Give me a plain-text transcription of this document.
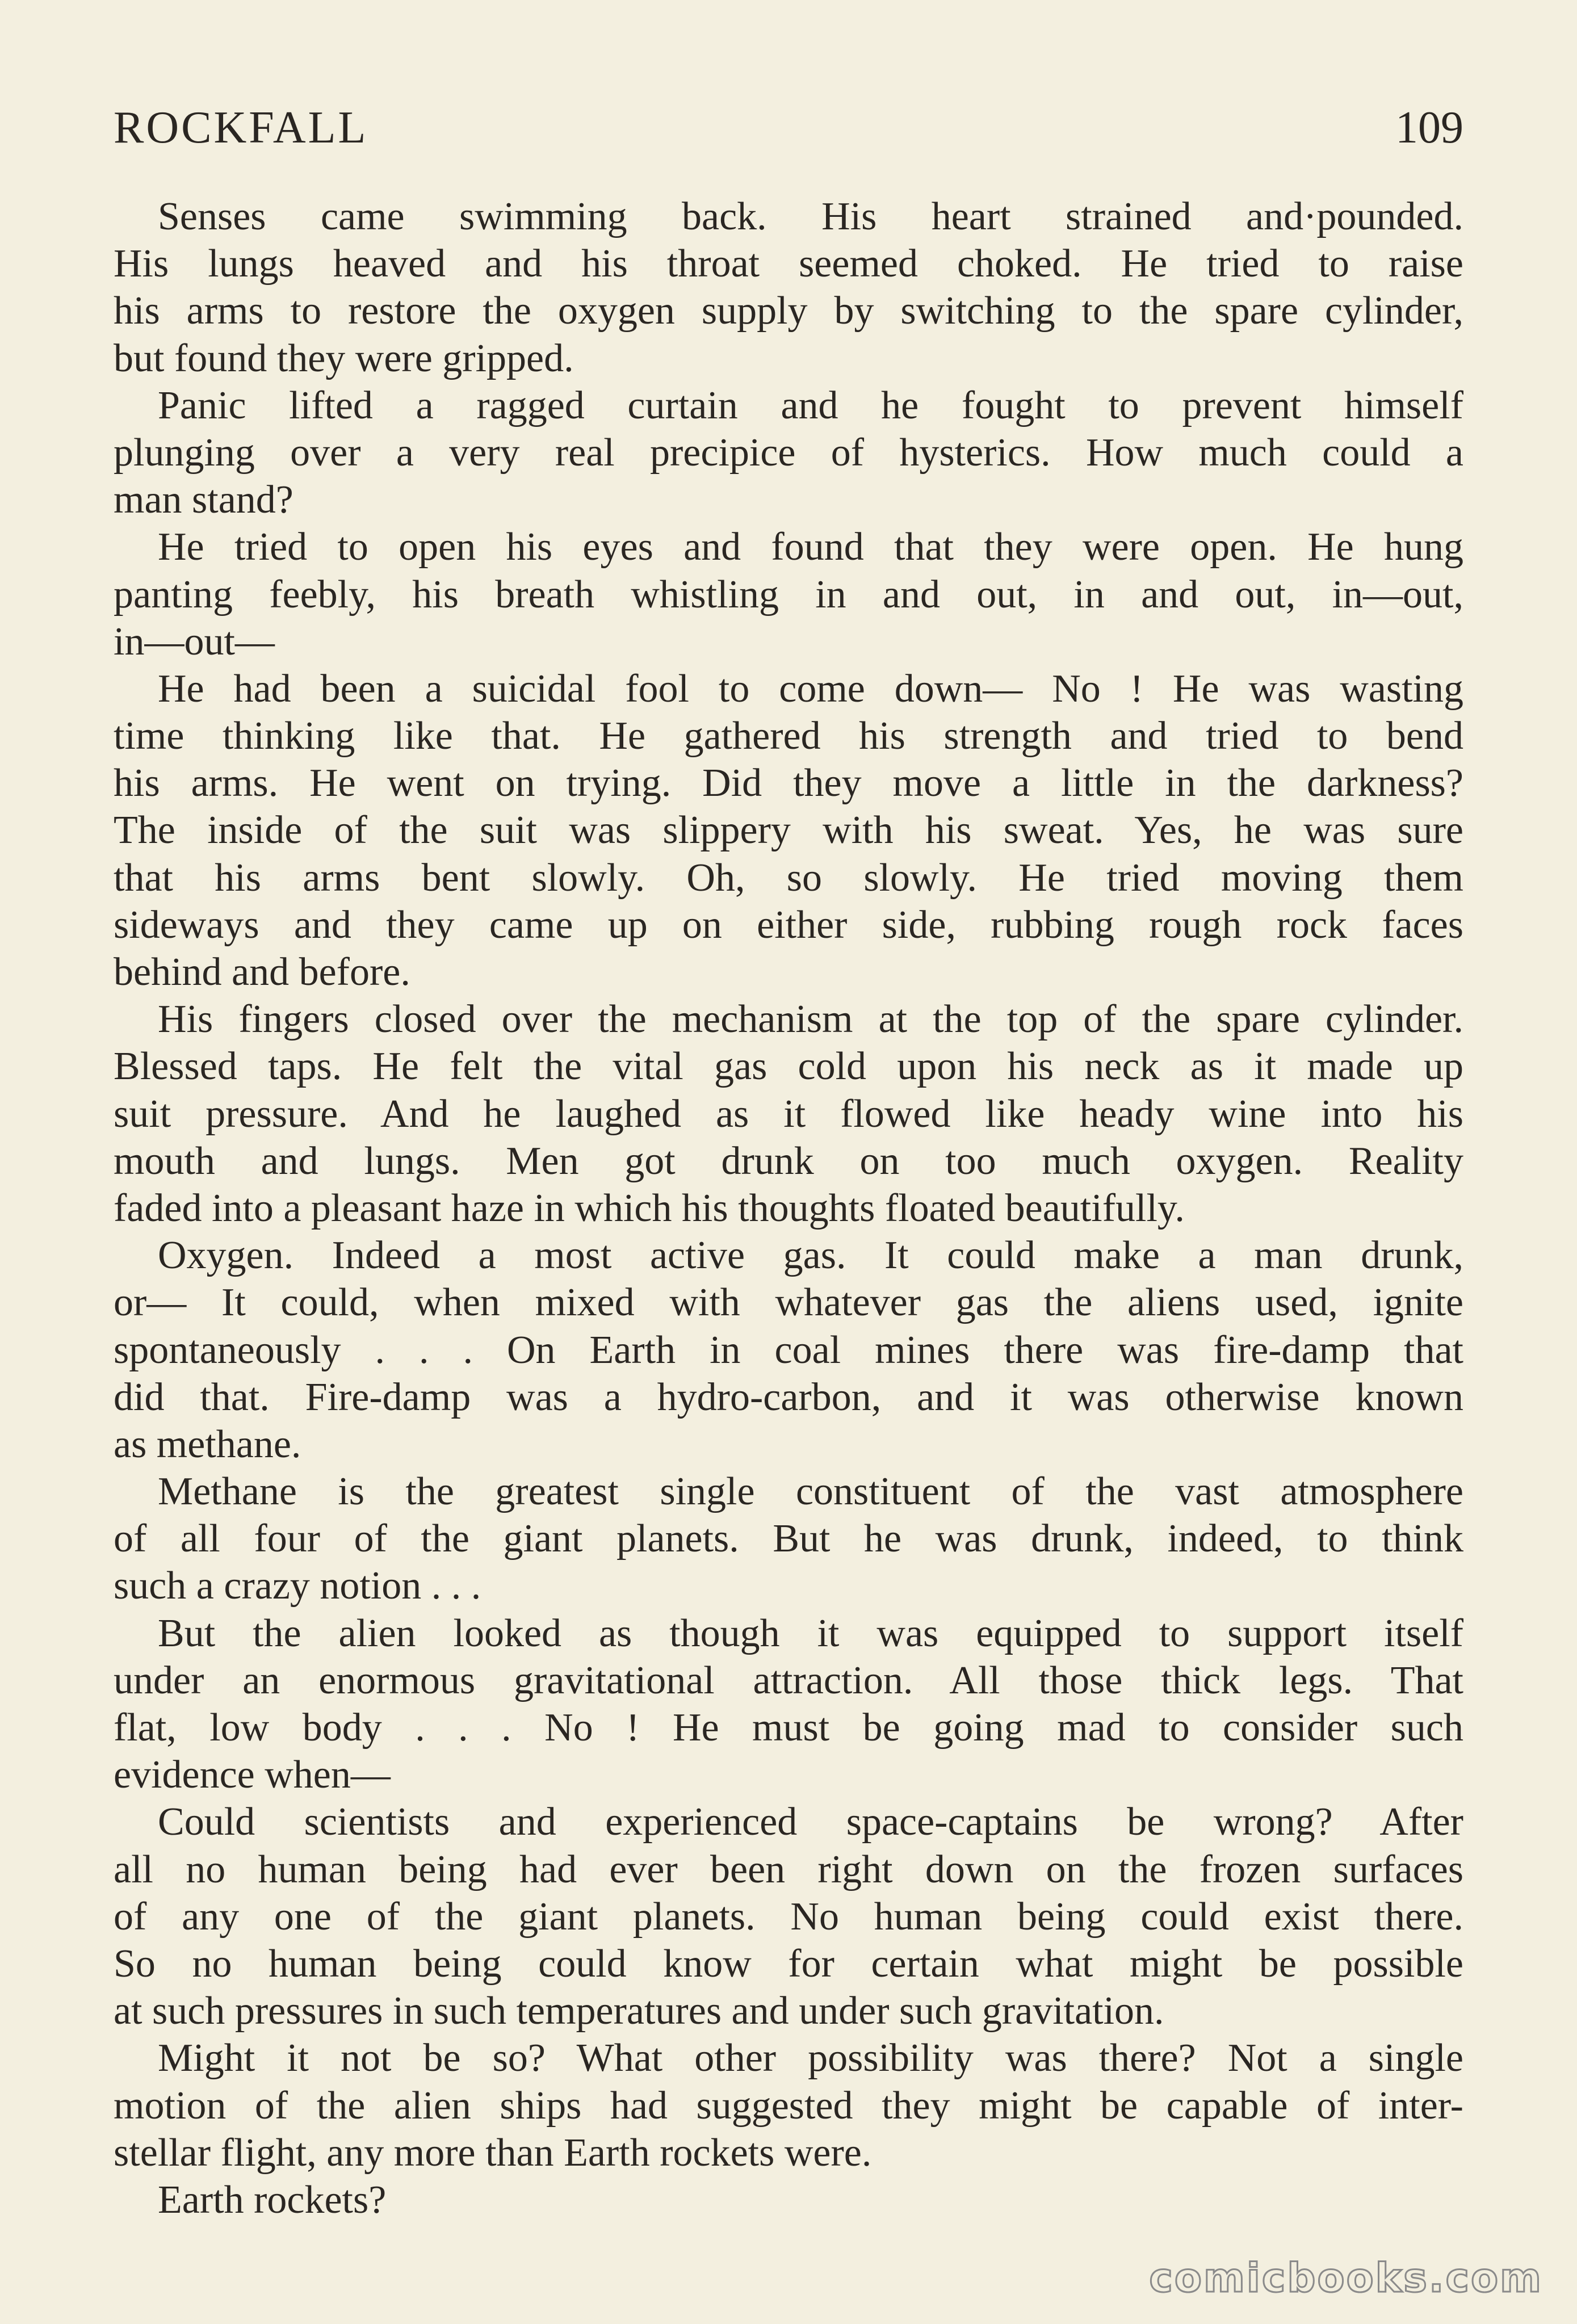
ROCKFALL	109
Senses came swimming back. His heart strained and·pounded.
His lungs heaved and his throat seemed choked. He tried to raise
his arms to restore the oxygen supply by switching to the spare cylinder,
but found they were gripped.
Panic lifted a ragged curtain and he fought to prevent himself
plunging over a very real precipice of hysterics. How much could a
man stand?
He tried to open his eyes and found that they were open. He hung
panting feebly, his breath whistling in and out, in and out, in—out,
in—out—
He had been a suicidal fool to come down— No ! He was wasting
time thinking like that. He gathered his strength and tried to bend
his arms. He went on trying. Did they move a little in the darkness?
The inside of the suit was slippery with his sweat. Yes, he was sure
that his arms bent slowly. Oh, so slowly. He tried moving them
sideways and they came up on either side, rubbing rough rock faces
behind and before.
His fingers closed over the mechanism at the top of the spare cylinder.
Blessed taps. He felt the vital gas cold upon his neck as it made up
suit pressure. And he laughed as it flowed like heady wine into his
mouth and lungs. Men got drunk on too much oxygen. Reality
faded into a pleasant haze in which his thoughts floated beautifully.
Oxygen. Indeed a most active gas. It could make a man drunk,
or— It could, when mixed with whatever gas the aliens used, ignite
spontaneously . . . On Earth in coal mines there was fire-damp that
did that. Fire-damp was a hydro-carbon, and it was otherwise known
as methane.
Methane is the greatest single constituent of the vast atmosphere
of all four of the giant planets. But he was drunk, indeed, to think
such a crazy notion . . .
But the alien looked as though it was equipped to support itself
under an enormous gravitational attraction. All those thick legs. That
flat, low body . . . No ! He must be going mad to consider such
evidence when—
Could scientists and experienced space-captains be wrong? After
all no human being had ever been right down on the frozen surfaces
of any one of the giant planets. No human being could exist there.
So no human being could know for certain what might be possible
at such pressures in such temperatures and under such gravitation.
Might it not be so? What other possibility was there? Not a single
motion of the alien ships had suggested they might be capable of inter-
stellar flight, any more than Earth rockets were.
Earth rockets?
comicbooks.com
